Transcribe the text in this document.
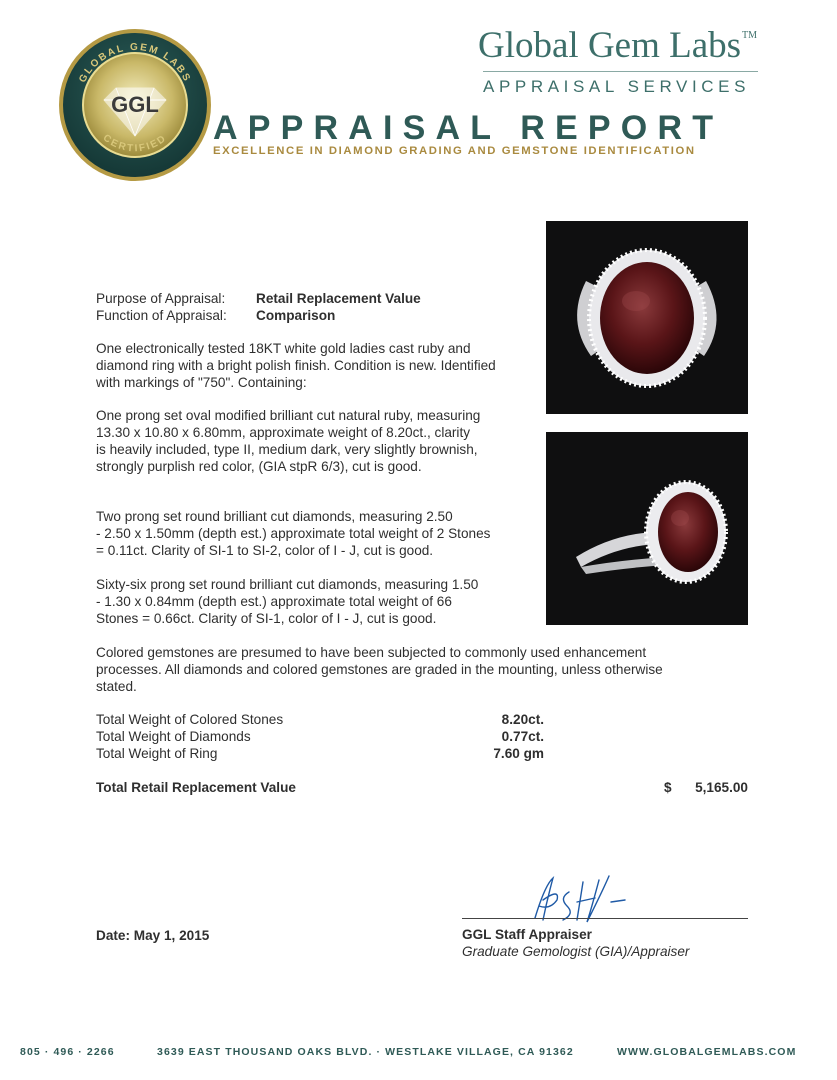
GGL
GLOBAL GEM LABS
CERTIFIED
Global Gem Labs™
APPRAISAL SERVICES
APPRAISAL REPORT
EXCELLENCE IN DIAMOND GRADING AND GEMSTONE IDENTIFICATION
Purpose of Appraisal: Retail Replacement Value
Function of Appraisal: Comparison
One electronically tested 18KT white gold ladies cast ruby and
diamond ring with a bright polish finish. Condition is new. Identified
with markings of "750". Containing:
One prong set oval modified brilliant cut natural ruby, measuring
13.30 x 10.80 x 6.80mm, approximate weight of 8.20ct., clarity
is heavily included, type II, medium dark, very slightly brownish,
strongly purplish red color, (GIA stpR 6/3), cut is good.
Two prong set round brilliant cut diamonds, measuring 2.50
- 2.50 x 1.50mm (depth est.) approximate total weight of 2 Stones
= 0.11ct. Clarity of SI-1 to SI-2, color of I - J, cut is good.
Sixty-six prong set round brilliant cut diamonds, measuring 1.50
- 1.30 x 0.84mm (depth est.) approximate total weight of 66
Stones = 0.66ct. Clarity of SI-1, color of I - J, cut is good.
Colored gemstones are presumed to have been subjected to commonly used enhancement
processes. All diamonds and colored gemstones are graded in the mounting, unless otherwise
stated.
Total Weight of Colored Stones	8.20ct.
Total Weight of Diamonds	0.77ct.
Total Weight of Ring	7.60 gm
Total Retail Replacement Value	$	5,165.00
GGL Staff Appraiser
Graduate Gemologist (GIA)/Appraiser
Date: May 1, 2015
805 · 496 · 2266	3639 EAST THOUSAND OAKS BLVD. · WESTLAKE VILLAGE, CA 91362	WWW.GLOBALGEMLABS.COM
